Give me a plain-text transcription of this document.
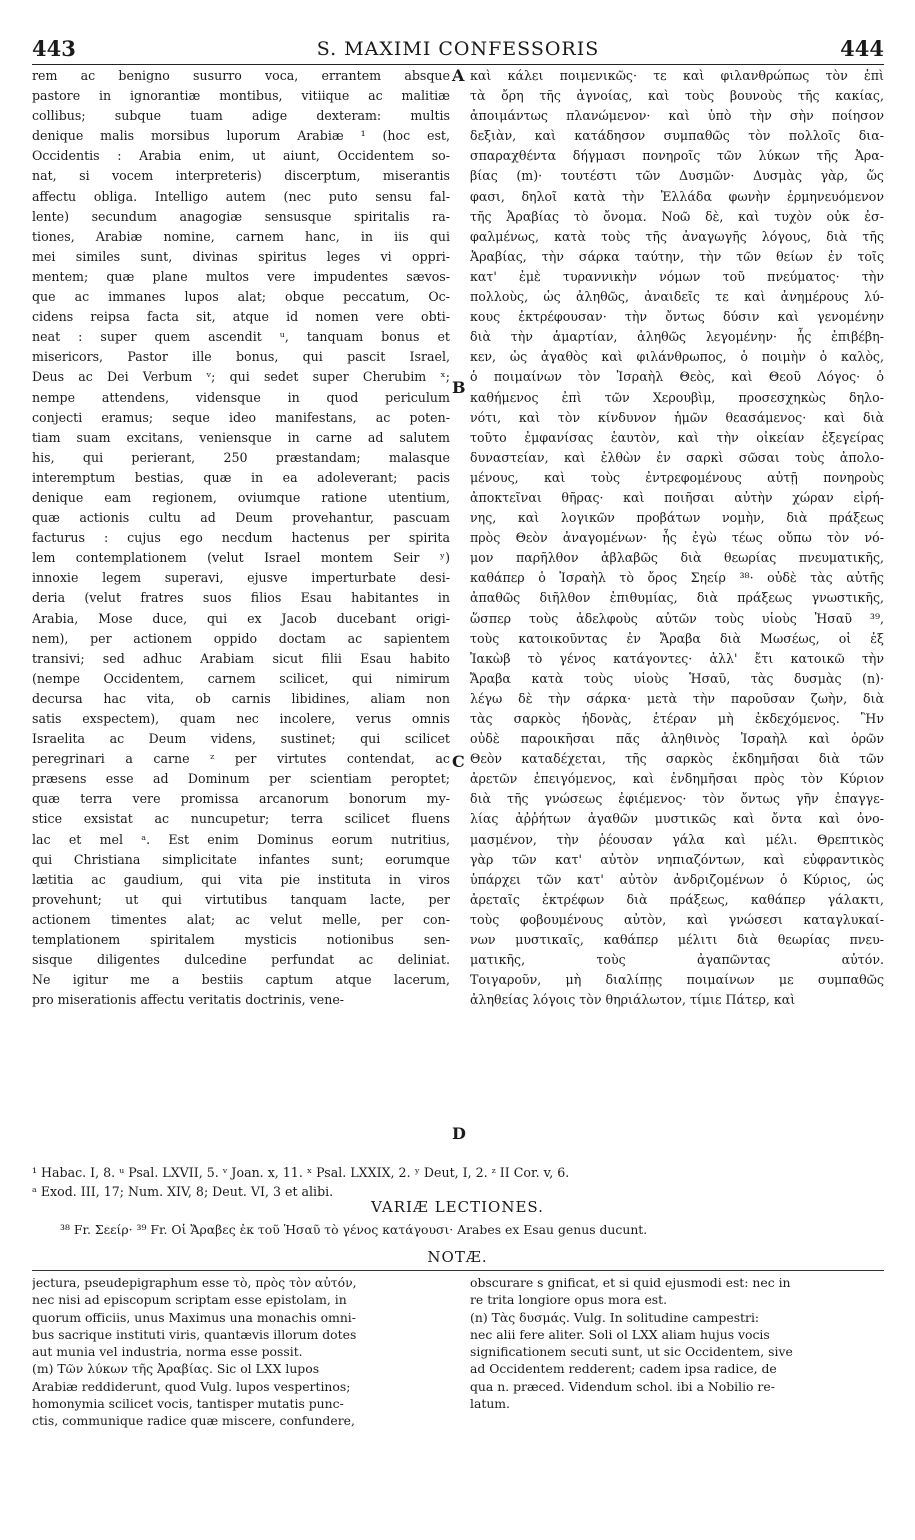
443	S. MAXIMI CONFESSORIS	444
rem ac benigno susurro voca, errantem absque
pastore in ignorantiæ montibus, vitiique ac malitiæ
collibus; subque tuam adige dexteram: multis
denique malis morsibus luporum Arabiæ ¹ (hoc est,
Occidentis : Arabia enim, ut aiunt, Occidentem so-
nat, si vocem interpreteris) discerptum, miserantis
affectu obliga. Intelligo autem (nec puto sensu fal-
lente) secundum anagogiæ sensusque spiritalis ra-
tiones, Arabiæ nomine, carnem hanc, in iis qui
mei similes sunt, divinas spiritus leges vi oppri-
mentem; quæ plane multos vere impudentes sævos-
que ac immanes lupos alat; obque peccatum, Oc-
cidens reipsa facta sit, atque id nomen vere obti-
neat : super quem ascendit ᵘ, tanquam bonus et
misericors, Pastor ille bonus, qui pascit Israel,
Deus ac Dei Verbum ᵛ; qui sedet super Cherubim ˣ;
nempe attendens, vidensque in quod periculum
conjecti eramus; seque ideo manifestans, ac poten-
tiam suam excitans, veniensque in carne ad salutem
his, qui perierant, 250 præstandam; malasque
interemptum bestias, quæ in ea adoleverant; pacis
denique eam regionem, oviumque ratione utentium,
quæ actionis cultu ad Deum provehantur, pascuam
facturus : cujus ego necdum hactenus per spirita
lem contemplationem (velut Israel montem Seir ʸ)
innoxie legem superavi, ejusve imperturbate desi-
deria (velut fratres suos filios Esau habitantes in
Arabia, Mose duce, qui ex Jacob ducebant origi-
nem), per actionem oppido doctam ac sapientem
transivi; sed adhuc Arabiam sicut filii Esau habito
(nempe Occidentem, carnem scilicet, qui nimirum
decursa hac vita, ob carnis libidines, aliam non
satis exspectem), quam nec incolere, verus omnis
Israelita ac Deum videns, sustinet; qui scilicet
peregrinari a carne ᶻ per virtutes contendat, ac
præsens esse ad Dominum per scientiam peroptet;
quæ terra vere promissa arcanorum bonorum my-
stice exsistat ac nuncupetur; terra scilicet fluens
lac et mel ᵃ. Est enim Dominus eorum nutritius,
qui Christiana simplicitate infantes sunt; eorumque
lætitia ac gaudium, qui vita pie instituta in viros
provehunt; ut qui virtutibus tanquam lacte, per
actionem timentes alat; ac velut melle, per con-
templationem spiritalem mysticis notionibus sen-
sisque diligentes dulcedine perfundat ac deliniat.
Ne igitur me a bestiis captum atque lacerum,
pro miserationis affectu veritatis doctrinis, vene-
καὶ κάλει ποιμενικῶς· τε καὶ φιλανθρώπως τὸν ἐπὶ
τὰ ὄρη τῆς ἀγνοίας, καὶ τοὺς βουνοὺς τῆς κακίας,
ἀποιμάντως πλανώμενον· καὶ ὑπὸ τὴν σὴν ποίησον
δεξιὰν, καὶ κατάδησον συμπαθῶς τὸν πολλοῖς δια-
σπαραχθέντα δήγμασι πονηροῖς τῶν λύκων τῆς Ἀρα-
βίας (m)· τουτέστι τῶν Δυσμῶν· Δυσμὰς γὰρ, ὥς
φασι, δηλοῖ κατὰ τὴν Ἑλλάδα φωνὴν ἑρμηνευόμενον
τῆς Ἀραβίας τὸ ὄνομα. Νοῶ δὲ, καὶ τυχὸν οὐκ ἐσ-
φαλμένως, κατὰ τοὺς τῆς ἀναγωγῆς λόγους, διὰ τῆς
Ἀραβίας, τὴν σάρκα ταύτην, τὴν τῶν θείων ἐν τοῖς
κατ' ἐμὲ τυραννικὴν νόμων τοῦ πνεύματος· τὴν
πολλοὺς, ὡς ἀληθῶς, ἀναιδεῖς τε καὶ ἀνημέρους λύ-
κους ἐκτρέφουσαν· τὴν ὄντως δύσιν καὶ γενομένην
διὰ τὴν ἁμαρτίαν, ἀληθῶς λεγομένην· ἧς ἐπιβέβη-
κεν, ὡς ἀγαθὸς καὶ φιλάνθρωπος, ὁ ποιμὴν ὁ καλὸς,
ὁ ποιμαίνων τὸν Ἰσραὴλ Θεὸς, καὶ Θεοῦ Λόγος· ὁ
καθήμενος ἐπὶ τῶν Χερουβὶμ, προσεσχηκὼς δηλο-
νότι, καὶ τὸν κίνδυνον ἡμῶν θεασάμενος· καὶ διὰ
τοῦτο ἐμφανίσας ἑαυτὸν, καὶ τὴν οἰκείαν ἐξεγείρας
δυναστείαν, καὶ ἐλθὼν ἐν σαρκὶ σῶσαι τοὺς ἀπολο-
μένους, καὶ τοὺς ἐντρεφομένους αὐτῇ πονηροὺς
ἀποκτεῖναι θῆρας· καὶ ποιῆσαι αὐτὴν χώραν εἰρή-
νης, καὶ λογικῶν προβάτων νομὴν, διὰ πράξεως
πρὸς Θεὸν ἀναγομένων· ἧς ἐγὼ τέως οὔπω τὸν νό-
μον παρῆλθον ἀβλαβῶς διὰ θεωρίας πνευματικῆς,
καθάπερ ὁ Ἰσραὴλ τὸ ὄρος Σηείρ ³⁸· οὐδὲ τὰς αὐτῆς
ἀπαθῶς διῆλθον ἐπιθυμίας, διὰ πράξεως γνωστικῆς,
ὥσπερ τοὺς ἀδελφοὺς αὐτῶν τοὺς υἱοὺς Ἡσαῦ ³⁹,
τοὺς κατοικοῦντας ἐν Ἄραβα διὰ Μωσέως, οἱ ἐξ
Ἰακὼβ τὸ γένος κατάγοντες· ἀλλ' ἔτι κατοικῶ τὴν
Ἄραβα κατὰ τοὺς υἱοὺς Ἡσαῦ, τὰς δυσμὰς (n)·
λέγω δὲ τὴν σάρκα· μετὰ τὴν παροῦσαν ζωὴν, διὰ
τὰς σαρκὸς ἡδονὰς, ἑτέραν μὴ ἐκδεχόμενος. Ἣν
οὐδὲ παροικῆσαι πᾶς ἀληθινὸς Ἰσραὴλ καὶ ὁρῶν
Θεὸν καταδέχεται, τῆς σαρκὸς ἐκδημῆσαι διὰ τῶν
ἀρετῶν ἐπειγόμενος, καὶ ἐνδημῆσαι πρὸς τὸν Κύριον
διὰ τῆς γνώσεως ἐφιέμενος· τὸν ὄντως γῆν ἐπαγγε-
λίας ἀῤῥήτων ἀγαθῶν μυστικῶς καὶ ὄντα καὶ ὀνο-
μασμένον, τὴν ῥέουσαν γάλα καὶ μέλι. Θρεπτικὸς
γὰρ τῶν κατ' αὐτὸν νηπιαζόντων, καὶ εὐφραντικὸς
ὑπάρχει τῶν κατ' αὐτὸν ἀνδριζομένων ὁ Κύριος, ὡς
ἀρεταῖς ἐκτρέφων διὰ πράξεως, καθάπερ γάλακτι,
τοὺς φοβουμένους αὐτὸν, καὶ γνώσεσι καταγλυκαί-
νων μυστικαῖς, καθάπερ μέλιτι διὰ θεωρίας πνευ-
ματικῆς, τοὺς ἀγαπῶντας αὐτόν.
Τοιγαροῦν, μὴ διαλίπῃς ποιμαίνων με συμπαθῶς
ἀληθείας λόγοις τὸν θηριάλωτον, τίμιε Πάτερ, καὶ
A
B
C
D
¹ Habac. I, 8. ᵘ Psal. LXVII, 5. ᵛ Joan. x, 11. ˣ Psal. LXXIX, 2. ʸ Deut, I, 2. ᶻ II Cor. v, 6.
ᵃ Exod. III, 17; Num. XIV, 8; Deut. VI, 3 et alibi.
VARIÆ LECTIONES.
³⁸ Fr. Σεείρ· ³⁹ Fr. Οἱ Ἄραβες ἐκ τοῦ Ἡσαῦ τὸ γένος κατάγουσι· Arabes ex Esau genus ducunt.
NOTÆ.
jectura, pseudepigraphum esse τὸ, πρὸς τὸν αὐτόν,
nec nisi ad episcopum scriptam esse epistolam, in
quorum officiis, unus Maximus una monachis omni-
bus sacrique instituti viris, quantævis illorum dotes
aut munia vel industria, norma esse possit.
(m) Τῶν λύκων τῆς Ἀραβίας. Sic ol LXX lupos
Arabiæ reddiderunt, quod Vulg. lupos vespertinos;
homonymia scilicet vocis, tantisper mutatis punc-
ctis, communique radice quæ miscere, confundere,
obscurare s gnificat, et si quid ejusmodi est: nec in
re trita longiore opus mora est.
(n) Τὰς δυσμάς. Vulg. In solitudine campestri:
nec alii fere aliter. Soli ol LXX aliam hujus vocis
significationem secuti sunt, ut sic Occidentem, sive
ad Occidentem redderent; cadem ipsa radice, de
qua n. præced. Videndum schol. ibi a Nobilio re-
latum.
